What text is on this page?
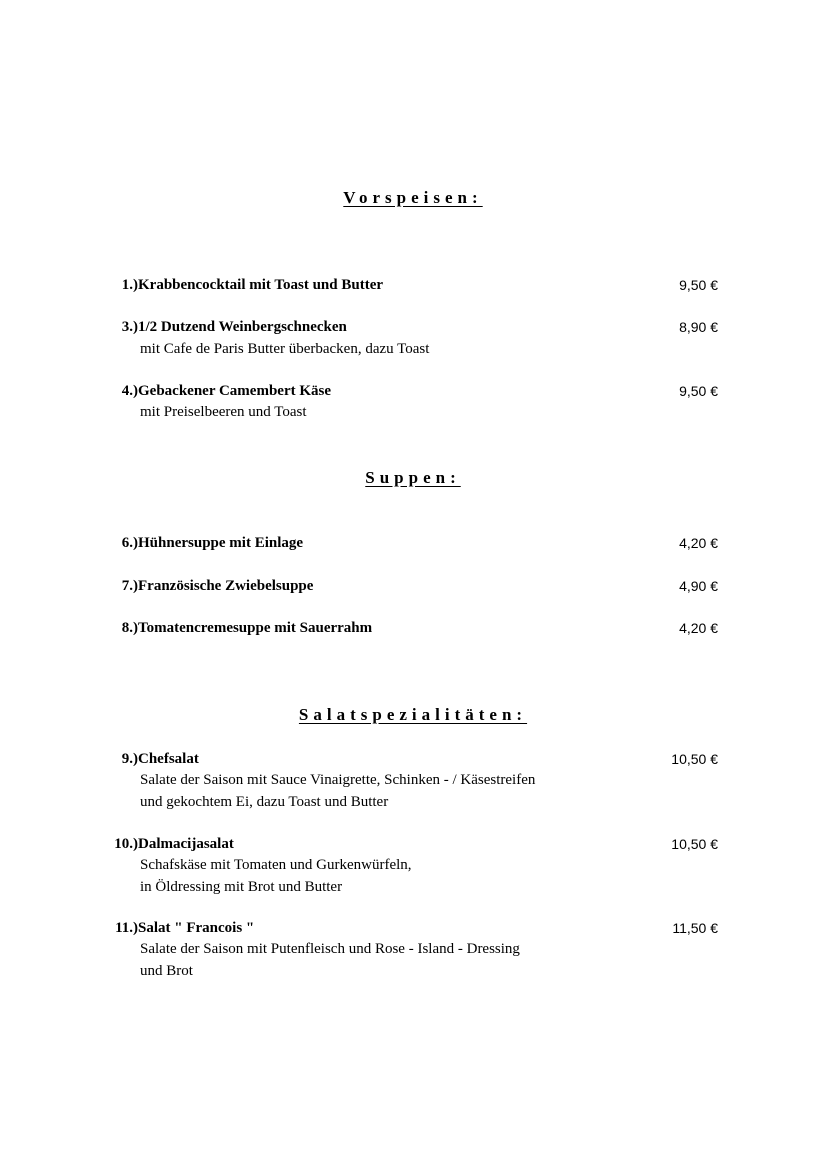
Vorspeisen:
1.) Krabbencocktail mit Toast und Butter	9,50 €
3.) 1/2 Dutzend Weinbergschnecken	8,90 €
mit Cafe de Paris Butter überbacken, dazu Toast
4.) Gebackener Camembert Käse	9,50 €
mit Preiselbeeren und Toast
Suppen:
6.) Hühnersuppe mit Einlage	4,20 €
7.) Französische Zwiebelsuppe	4,90 €
8.) Tomatencremesuppe mit Sauerrahm	4,20 €
Salatspezialitäten:
9.) Chefsalat	10,50 €
Salate der Saison mit Sauce Vinaigrette, Schinken - / Käsestreifen
und gekochtem Ei, dazu Toast und Butter
10.) Dalmacijasalat	10,50 €
Schafskäse mit Tomaten und Gurkenwürfeln,
in Öldressing mit Brot und Butter
11.) Salat " Francois "	11,50 €
Salate der Saison mit Putenfleisch und Rose - Island - Dressing
und Brot
